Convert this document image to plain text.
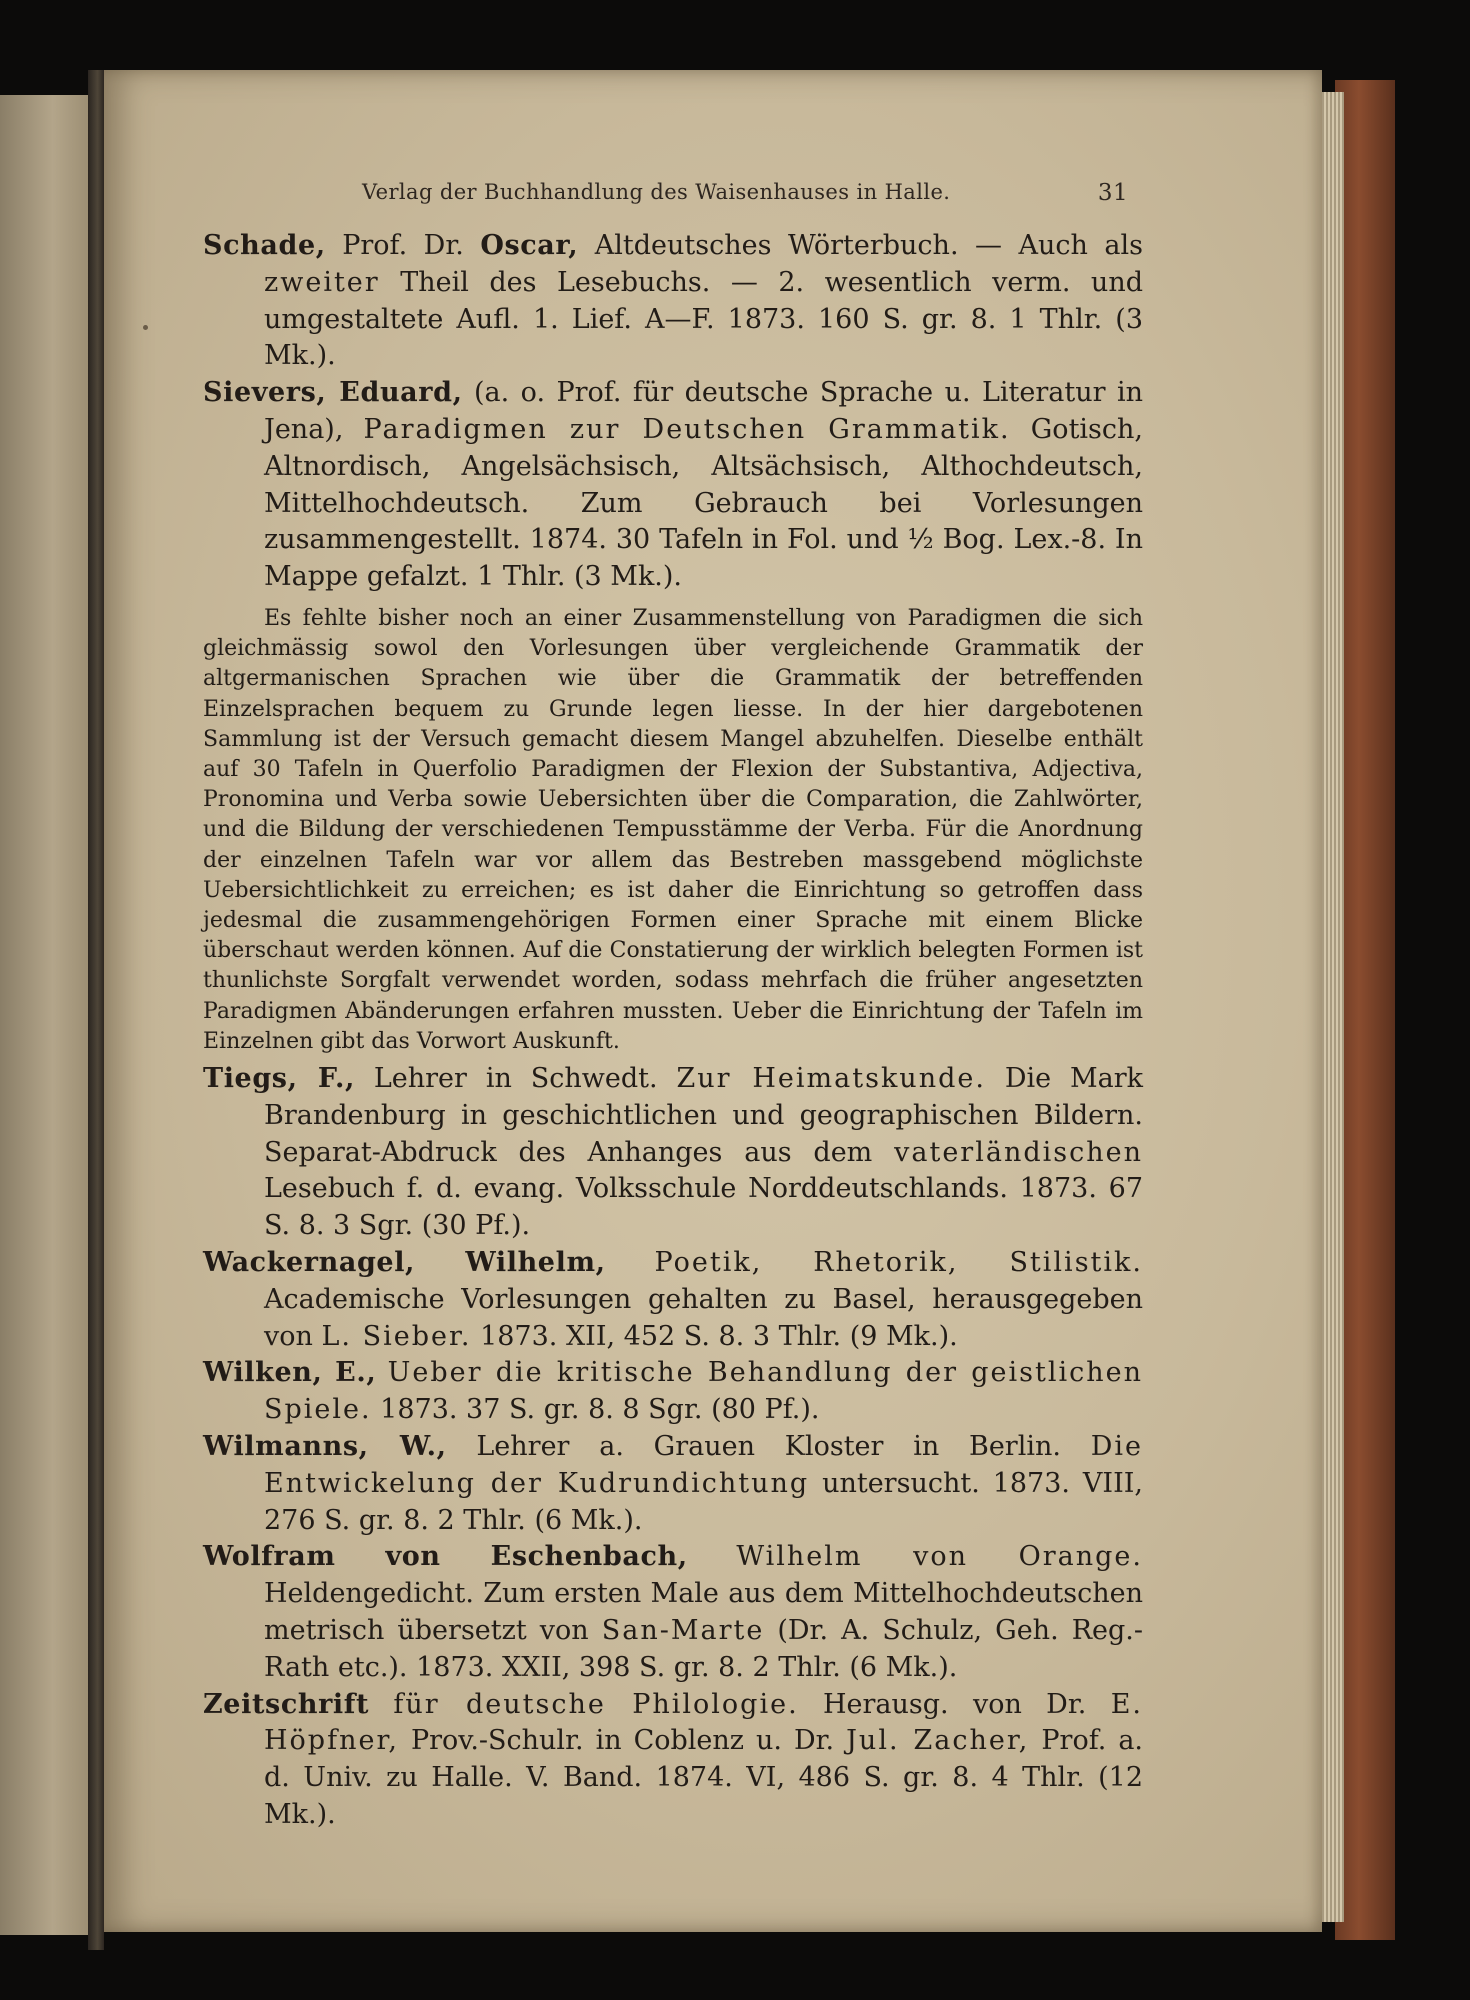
Verlag der Buchhandlung des Waisenhauses in Halle.	31

Schade, Prof. Dr. Oscar, Altdeutsches Wörterbuch. — Auch als zweiter Theil des Lesebuchs. — 2. wesentlich verm. und umgestaltete Aufl. 1. Lief. A—F. 1873. 160 S. gr. 8. 1 Thlr. (3 Mk.).

Sievers, Eduard, (a. o. Prof. für deutsche Sprache u. Literatur in Jena), Paradigmen zur Deutschen Grammatik. Gotisch, Altnordisch, Angelsächsisch, Altsächsisch, Althochdeutsch, Mittelhochdeutsch. Zum Gebrauch bei Vorlesungen zusammengestellt. 1874. 30 Tafeln in Fol. und ½ Bog. Lex.-8. In Mappe gefalzt. 1 Thlr. (3 Mk.).

Es fehlte bisher noch an einer Zusammenstellung von Paradigmen die sich gleichmässig sowol den Vorlesungen über vergleichende Grammatik der altgermanischen Sprachen wie über die Grammatik der betreffenden Einzelsprachen bequem zu Grunde legen liesse. In der hier dargebotenen Sammlung ist der Versuch gemacht diesem Mangel abzuhelfen. Dieselbe enthält auf 30 Tafeln in Querfolio Paradigmen der Flexion der Substantiva, Adjectiva, Pronomina und Verba sowie Uebersichten über die Comparation, die Zahlwörter, und die Bildung der verschiedenen Tempusstämme der Verba. Für die Anordnung der einzelnen Tafeln war vor allem das Bestreben massgebend möglichste Uebersichtlichkeit zu erreichen; es ist daher die Einrichtung so getroffen dass jedesmal die zusammengehörigen Formen einer Sprache mit einem Blicke überschaut werden können. Auf die Constatierung der wirklich belegten Formen ist thunlichste Sorgfalt verwendet worden, sodass mehrfach die früher angesetzten Paradigmen Abänderungen erfahren mussten. Ueber die Einrichtung der Tafeln im Einzelnen gibt das Vorwort Auskunft.

Tiegs, F., Lehrer in Schwedt. Zur Heimatskunde. Die Mark Brandenburg in geschichtlichen und geographischen Bildern. Separat-Abdruck des Anhanges aus dem vaterländischen Lesebuch f. d. evang. Volksschule Norddeutschlands. 1873. 67 S. 8. 3 Sgr. (30 Pf.).

Wackernagel, Wilhelm, Poetik, Rhetorik, Stilistik. Academische Vorlesungen gehalten zu Basel, herausgegeben von L. Sieber. 1873. XII, 452 S. 8. 3 Thlr. (9 Mk.).

Wilken, E., Ueber die kritische Behandlung der geistlichen Spiele. 1873. 37 S. gr. 8. 8 Sgr. (80 Pf.).

Wilmanns, W., Lehrer a. Grauen Kloster in Berlin. Die Entwickelung der Kudrundichtung untersucht. 1873. VIII, 276 S. gr. 8. 2 Thlr. (6 Mk.).

Wolfram von Eschenbach, Wilhelm von Orange. Heldengedicht. Zum ersten Male aus dem Mittelhochdeutschen metrisch übersetzt von San-Marte (Dr. A. Schulz, Geh. Reg.-Rath etc.). 1873. XXII, 398 S. gr. 8. 2 Thlr. (6 Mk.).

Zeitschrift für deutsche Philologie. Herausg. von Dr. E. Höpfner, Prov.-Schulr. in Coblenz u. Dr. Jul. Zacher, Prof. a. d. Univ. zu Halle. V. Band. 1874. VI, 486 S. gr. 8. 4 Thlr. (12 Mk.).
